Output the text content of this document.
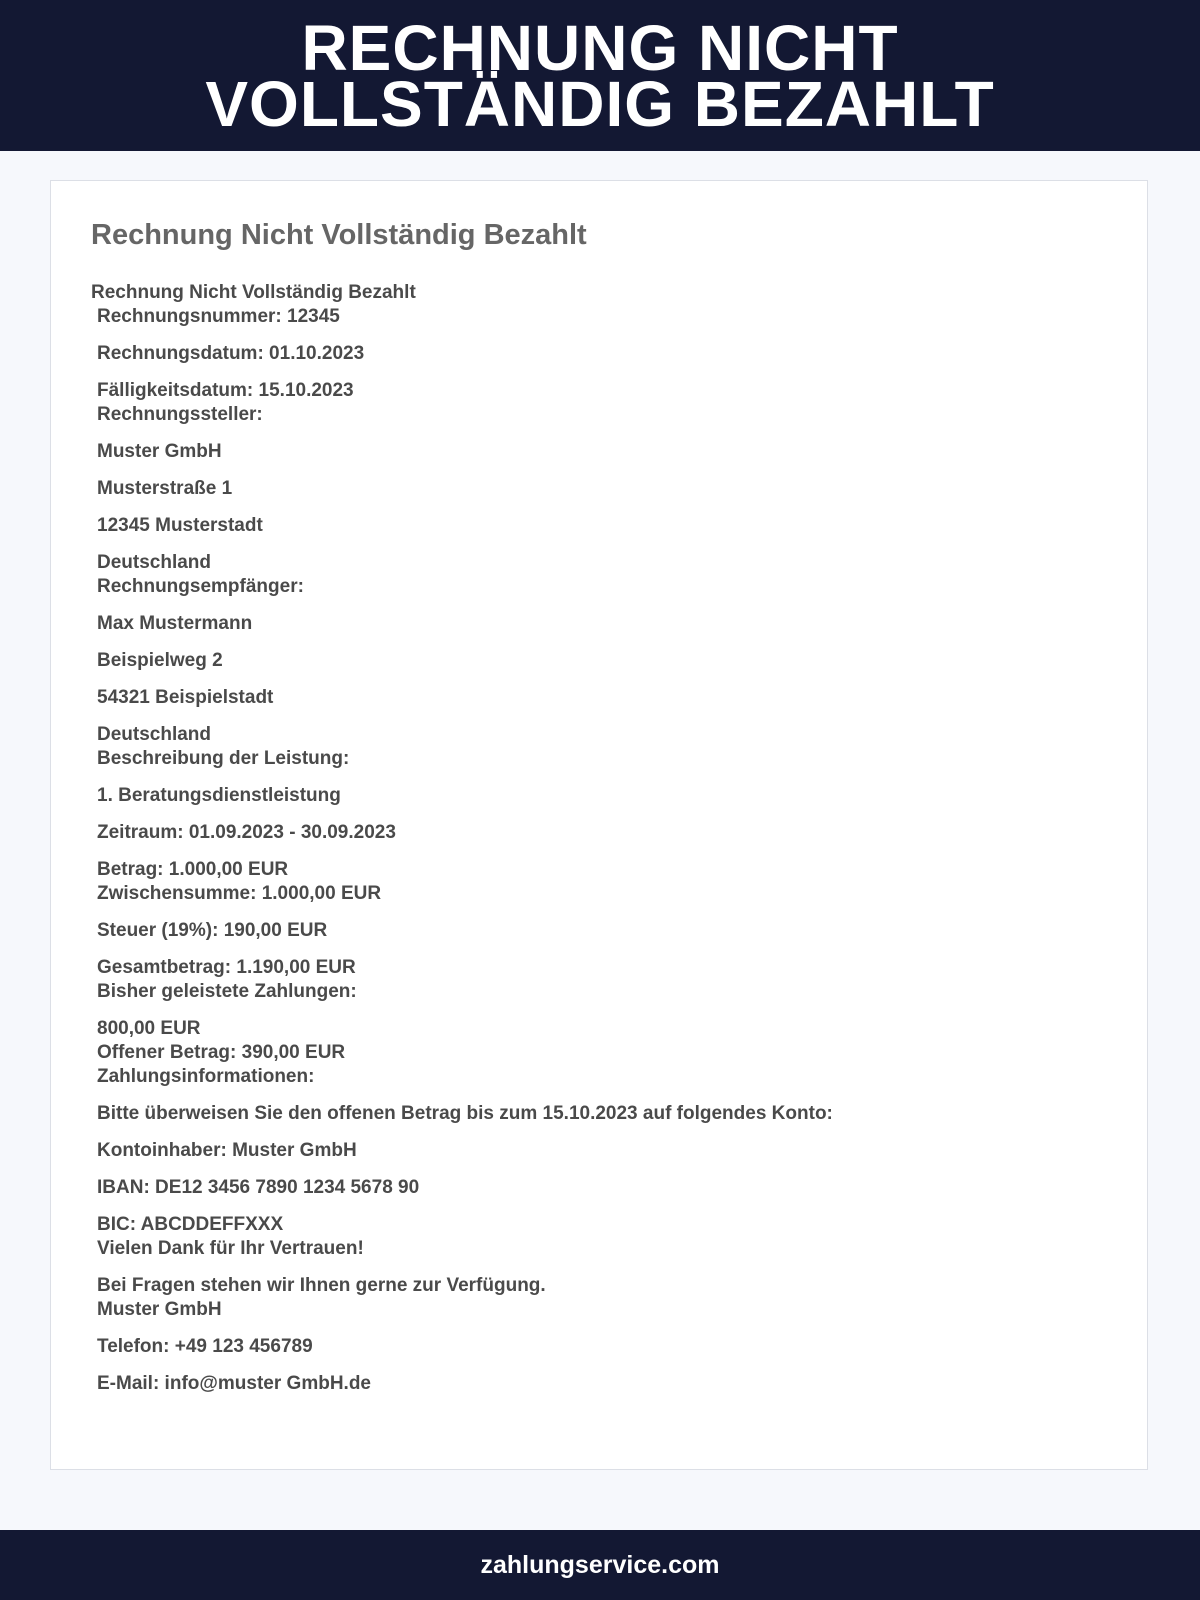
RECHNUNG NICHT
VOLLSTÄNDIG BEZAHLT
Rechnung Nicht Vollständig Bezahlt
Rechnung Nicht Vollständig Bezahlt
Rechnungsnummer: 12345
Rechnungsdatum: 01.10.2023
Fälligkeitsdatum: 15.10.2023
Rechnungssteller:
Muster GmbH
Musterstraße 1
12345 Musterstadt
Deutschland
Rechnungsempfänger:
Max Mustermann
Beispielweg 2
54321 Beispielstadt
Deutschland
Beschreibung der Leistung:
1. Beratungsdienstleistung
Zeitraum: 01.09.2023 - 30.09.2023
Betrag: 1.000,00 EUR
Zwischensumme: 1.000,00 EUR
Steuer (19%): 190,00 EUR
Gesamtbetrag: 1.190,00 EUR
Bisher geleistete Zahlungen:
800,00 EUR
Offener Betrag: 390,00 EUR
Zahlungsinformationen:
Bitte überweisen Sie den offenen Betrag bis zum 15.10.2023 auf folgendes Konto:
Kontoinhaber: Muster GmbH
IBAN: DE12 3456 7890 1234 5678 90
BIC: ABCDDEFFXXX
Vielen Dank für Ihr Vertrauen!
Bei Fragen stehen wir Ihnen gerne zur Verfügung.
Muster GmbH
Telefon: +49 123 456789
E-Mail: info@muster GmbH.de
zahlungservice.com
